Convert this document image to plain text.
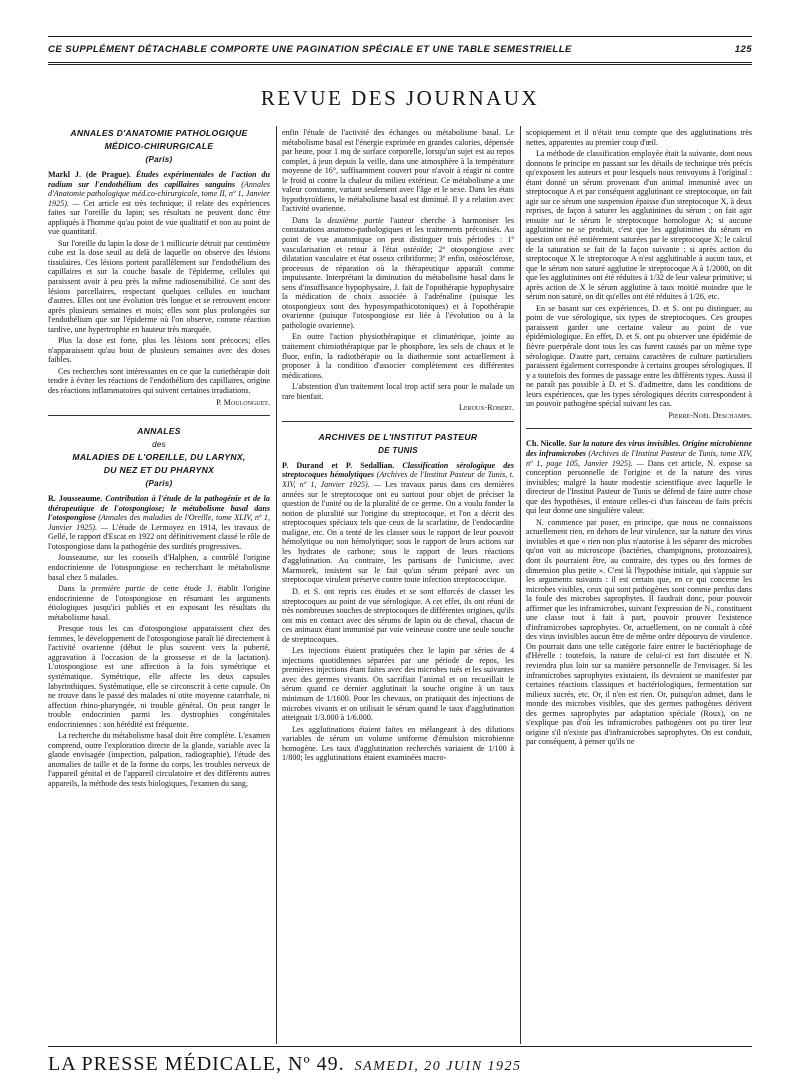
CE SUPPLÉMENT DÉTACHABLE COMPORTE UNE PAGINATION SPÉCIALE ET UNE TABLE SEMESTRIELLE	125
REVUE DES JOURNAUX
ANNALES D'ANATOMIE PATHOLOGIQUE
MÉDICO-CHIRURGICALE
(Paris)

Markl J. (de Prague). Études expérimentales de l'action du radium sur l'endothélium des capillaires sanguins (Annales d'Anatomie pathologique méd.co-chirurgicale, tome II, nº 1, Janvier 1925). — Cet article est très technique; il relate des expériences faites sur l'oreille du lapin; ses résultats ne peuvent donc être appliqués à l'homme qu'au point de vue qualitatif et non au point de vue quantitatif.

Sur l'oreille du lapin la dose de 1 millicurie détruit par centimètre cube est la dose seuil au delà de laquelle on observe des lésions tissulaires. Ces lésions portent parallèlement sur l'endothélium des capillaires et sur la couche basale de l'épiderme, cellules qui paraissent avoir à peu près la même radiosensibilité. Ce sont des lésions parcellaires, respectant quelques cellules en touchant d'autres. Elles ont une évolution très longue et se retrouvent encore après plusieurs semaines et mois; elles sont plus prolongées sur l'endothélium que sur l'épiderme où l'on observe, comme réaction tardive, une hypertrophie en hauteur très marquée.

Plus la dose est forte, plus les lésions sont précoces; elles n'apparaissent qu'au bout de plusieurs semaines avec des doses faibles.

Ces recherches sont intéressantes en ce que la curiethérapie doit tendre à éviter les réactions de l'endothélium des capillaires, origine des réactions inflammatoires qui suivent certaines irradiations.

P. Moulonguet.
ANNALES
des
MALADIES DE L'OREILLE, DU LARYNX,
DU NEZ ET DU PHARYNX
(Paris)

R. Jousseaume. Contribution à l'étude de la pathogénie et de la thérapeutique de l'otospongiose; le métabolisme basal dans l'otospongiose (Annales des maladies de l'Oreille, tome XLIV, nº 1, Janvier 1925). — L'étude de Lermoyez en 1914, les travaux de Gellé, le rapport d'Escat en 1922 ont définitivement classé le rôle de l'otospongiose dans la pathogénie des surdités progressives.

Jousseaume, sur les conseils d'Halphen, a contrôlé l'origine endocrinienne de l'otospongiose en recherchant le métabolisme basal chez 5 malades.

Dans la première partie de cette étude J. établit l'origine endocrinienne de l'otospongiose en résumant les arguments étiologiques jusqu'ici publiés et en exposant les résultats du métabolisme basal.

Presque tous les cas d'otospongiose apparaissent chez des femmes, le développement de l'otospongiose paraît lié directement à l'activité ovarienne (début le plus souvent vers la puberté, aggravation à l'occasion de la grossesse et de la lactation). L'otospongiose est une affection à la fois symétrique et systématique. Symétrique, elle affecte les deux capsules labyrinthiques. Systématique, elle se circonscrit à cette capsule. On ne trouve dans le passé des malades ni otite moyenne catarrhale, ni affection rhino-pharyngée, ni trouble général. On peut ranger le trouble endocrinien parmi les dystrophies congénitales endocriniennes : son hérédité est fréquente.

La recherche du métabolisme basal doit être complète. L'examen comprend, outre l'exploration directe de la glande, variable avec la glande envisagée (inspection, palpation, radiographie), l'étude des anomalies de taille et de la forme du corps, les troubles nerveux de l'appareil génital et de l'appareil circulatoire et des différents autres appareils, la méthode des tests biologiques, l'examen du sang,

enfin l'étude de l'activité des échanges ou métabolisme basal. Le métabolisme basal est l'énergie exprimée en grandes calories, dépensée par heure, pour 1 mq de surface corporelle, lorsqu'un sujet est au repos complet, à jeun depuis la veille, dans une atmosphère à la température moyenne de 16°, suffisamment couvert pour n'avoir à réagir ni contre le froid ni contre la chaleur du milieu extérieur. Ce métabolisme a une valeur constante, variant seulement avec l'âge et le sexe. Dans les états hypothyroïdiens, le métabolisme basal est diminué. Il y a relation avec l'activité ovarienne.

Dans la deuxième partie l'auteur cherche à harmoniser les constatations anatomo-pathologiques et les traitements préconisés. Au point de vue anatomique on peut distinguer trois périodes : 1º vascularisation et retour à l'état ostéoïde; 2º otospongiose avec dilatation vasculaire et état osseux cribriforme; 3º enfin, ostéosclérose, processus de réparation où la thérapeutique apparaît comme impuissante. Interprétant la diminution du métabolisme basal dans le sens d'insuffisance hypophysaire, J. fait de l'opothérapie hypophysaire la médication de choix associée à l'adrénaline (puisque les otospongieux sont des hyposympathicotoniques) et à l'opothérapie ovarienne (puisque l'otospongiose est liée à l'évolution ou à la pathologie ovarienne).

En outre l'action physiothérapique et climatérique, jointe au traitement chimiothérapique par le phosphore, les sels de chaux et le fluor, enfin, la radiothérapie ou la diathermie sont actuellement à proposer à la condition d'associer complètement ces différentes médications.

L'abstention d'un traitement local trop actif sera pour le malade un rare bienfait.

Leroux-Robert.
ARCHIVES DE L'INSTITUT PASTEUR
DE TUNIS

P. Durand et P. Sedallian. Classification sérologique des streptocoques hémolytiques (Archives de l'Institut Pasteur de Tunis, t. XIV, nº 1, Janvier 1925). — Les travaux parus dans ces dernières années sur le streptocoque ont eu surtout pour objet de préciser la question de l'unité ou de la pluralité de ce germe. On a voulu fonder la notion de pluralité sur l'origine du streptocoque, et l'on a décrit des streptocoques spéciaux tels que ceux de la scarlatine, de l'endocardite maligne, etc. On a tenté de les classer sous le rapport de leur pouvoir hémolytique ou non hémolytique; sous le rapport de leurs actions sur les hydrates de carbone; sous le rapport de leurs réactions d'agglutination. Au contraire, les partisans de l'unicisme, avec Marmorek, insistent sur le fait qu'un sérum préparé avec un streptocoque virulent préserve contre toute infection streptococcique.

D. et S. ont repris ces études et se sont efforcés de classer les streptocoques au point de vue sérologique. A cet effet, ils ont réuni de très nombreuses souches de streptocoques de différentes origines, qu'ils ont mis en contact avec des sérums de lapin ou de cheval, chacun de ces animaux étant immunisé par voie veineuse contre une seule souche de streptocoques.

Les injections étaient pratiquées chez le lapin par séries de 4 injections quotidiennes séparées par une période de repos, les premières injections étant faites avec des microbes tués et les suivantes avec des germes vivants. On sacrifiait l'animal et on recueillait le sérum quand ce dernier agglutinait la souche origine à un taux minimum de 1/1600. Pour les chevaux, on pratiquait des injections de microbes vivants et on utilisait le sérum quand le taux d'agglutination atteignait 1/3.000 à 1/6.000.

Les agglutinations étaient faites en mélangeant à des dilutions variables de sérum un volume uniforme d'émulsion microbienne homogène. Les taux d'agglutination recherchés variaient de 1/100 à 1/800; les agglutinations étaient examinées macro-

scopiquement et il n'était tenu compte que des agglutinations très nettes, apparentes au premier coup d'œil.

La méthode de classification employée était la suivante, dont nous donnons le principe en passant sur les détails de technique très précis qu'exposent les auteurs et pour lesquels nous renvoyons à l'original : étant donné un sérum provenant d'un animal immunisé avec un streptocoque A et par conséquent agglutinant ce streptocoque, on fait agir sur ce sérum une suspension épaisse d'un streptocoque X, à deux reprises, de façon à saturer les agglutinines du sérum ; on fait agir ensuite sur le sérum le streptocoque homologue A; si aucune agglutinine ne se produit, c'est que les agglutinines du sérum en question ont été entièrement saturées par le streptocoque X; le calcul de la saturation se fait de la façon suivante : si après action du streptocoque X le streptocoque A n'est agglutinable à aucun taux, et que le sérum non saturé agglutine le streptocoque A à 1/2000, on dit que les agglutinines ont été réduites à 1/32 de leur valeur primitive; si après action de X le sérum agglutine à taux moitié moindre que le sérum non saturé, on dit qu'elles ont été réduites à 1/26, etc.

En se basant sur ces expériences, D. et S. ont pu distinguer, au point de vue sérologique, six types de streptocoques. Ces groupes paraissent garder une certaine valeur au point de vue épidémiologique. En effet, D. et S. ont pu observer une épidémie de fièvre puerpérale dont tous les cas furent causés par un même type sérologique. D'autre part, certains caractères de culture particuliers paraissent également correspondre à certains groupes sérologiques. Il y a toutefois des formes de passage entre les différents types. Aussi il ne paraît pas possible à D. et S. d'admettre, dans les conditions de leurs expériences, que les types sérologiques décrits correspondent à un pouvoir pathogène spécial suivant les cas.

Pierre-Noël Deschamps.

Ch. Nicolle. Sur la nature des virus invisibles. Origine microbienne des inframicrobes (Archives de l'Institut Pasteur de Tunis, tome XIV, nº 1, page 105, Janvier 1925). — Dans cet article, N. expose sa conception personnelle de l'origine et de la nature des virus invisibles; malgré la haute modestie scientifique avec laquelle le directeur de l'Institut Pasteur de Tunis se défend de faire autre chose que des hypothèses, il entoure celles-ci d'un faisceau de faits précis qui leur donne une singulière valeur.

N. commence par poser, en principe, que nous ne connaissons actuellement rien, en dehors de leur virulence, sur la nature des virus invisibles et que « rien non plus n'autorise à les séparer des microbes qu'on voit au microscope (bactéries, champignons, protozoaires), dont ils pourraient être, au contraire, des types ou des formes de dimension plus petite ». C'est là l'hypothèse initiale, qui s'appuie sur les arguments suivants : il est certain que, en ce qui concerne les microbes visibles, ceux qui sont pathogènes sont comme perdus dans la foule des microbes saprophytes. Il faudrait donc, pour pouvoir affirmer que les inframicrobes, suivant l'expression de N., constituent une classe tout à fait à part, pouvoir prouver l'existence d'inframicrobes saprophytes. Or, actuellement, on ne connaît à côté des virus invisibles aucun être de même ordre dépourvu de virulence. On pourrait dans une telle catégorie faire entrer le bactériophage de d'Hérelle : toutefois, la nature de celui-ci est fort discutée et N. reviendra plus loin sur sa manière personnelle de l'envisager. Si les inframicrobes saprophytes existaient, ils devraient se manifester par certaines réactions classiques et bactériologiques, fermentation sur milieux sucrés, etc. Or, il n'en est rien. Or, puisqu'on admet, dans le monde des microbes visibles, que des germes pathogènes dérivent des germes saprophytes par adaptation spéciale (Roux), on ne s'explique pas d'où les inframicrobes pathogènes ont pu tirer leur origine s'il n'existe pas d'inframicrobes saprophytes. On est conduit, par conséquent, à penser qu'ils ne

LA PRESSE MÉDICALE, Nº 49. SAMEDI, 20 JUIN 1925
